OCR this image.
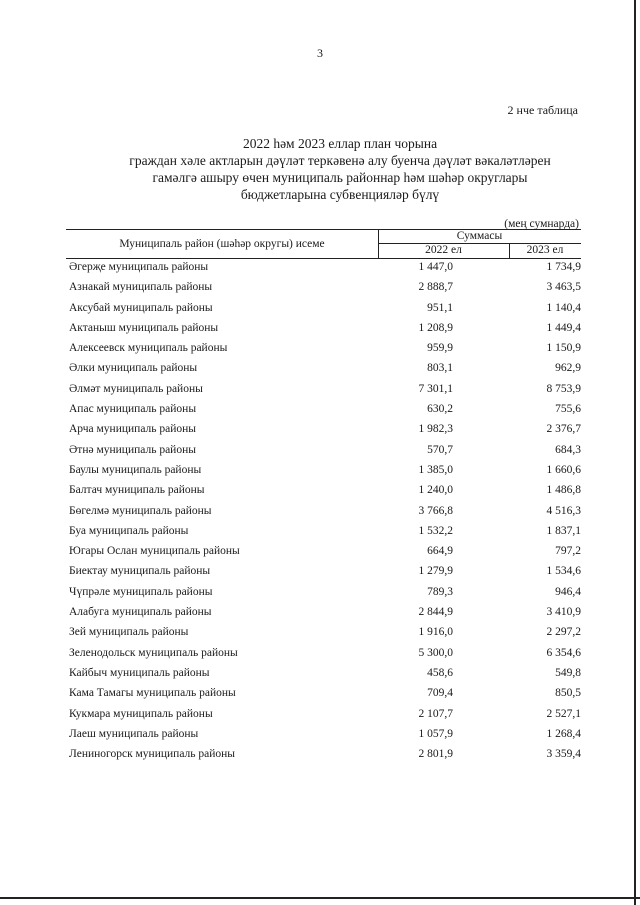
3
2 нче таблица
2022 һәм 2023 еллар план чорына
граждан хәле актларын дәүләт теркәвенә алу буенча дәүләт вәкаләтләрен
гамәлгә ашыру өчен муниципаль районнар һәм шәһәр округлары
бюджетларына субвенцияләр бүлү
(мең сумнарда)
Муниципаль район (шәһәр округы) исеме
Суммасы
2022 ел	2023 ел
Әгерҗе муниципаль районы	1 447,0	1 734,9
Азнакай муниципаль районы	2 888,7	3 463,5
Аксубай муниципаль районы	951,1	1 140,4
Актаныш муниципаль районы	1 208,9	1 449,4
Алексеевск муниципаль районы	959,9	1 150,9
Әлки муниципаль районы	803,1	962,9
Әлмәт муниципаль районы	7 301,1	8 753,9
Апас муниципаль районы	630,2	755,6
Арча муниципаль районы	1 982,3	2 376,7
Әтнә муниципаль районы	570,7	684,3
Баулы муниципаль районы	1 385,0	1 660,6
Балтач муниципаль районы	1 240,0	1 486,8
Бөгелмә муниципаль районы	3 766,8	4 516,3
Буа муниципаль районы	1 532,2	1 837,1
Югары Ослан муниципаль районы	664,9	797,2
Биектау муниципаль районы	1 279,9	1 534,6
Чүпрәле муниципаль районы	789,3	946,4
Алабуга муниципаль районы	2 844,9	3 410,9
Зей муниципаль районы	1 916,0	2 297,2
Зеленодольск муниципаль районы	5 300,0	6 354,6
Кайбыч муниципаль районы	458,6	549,8
Кама Тамагы муниципаль районы	709,4	850,5
Кукмара муниципаль районы	2 107,7	2 527,1
Лаеш муниципаль районы	1 057,9	1 268,4
Лениногорск муниципаль районы	2 801,9	3 359,4
